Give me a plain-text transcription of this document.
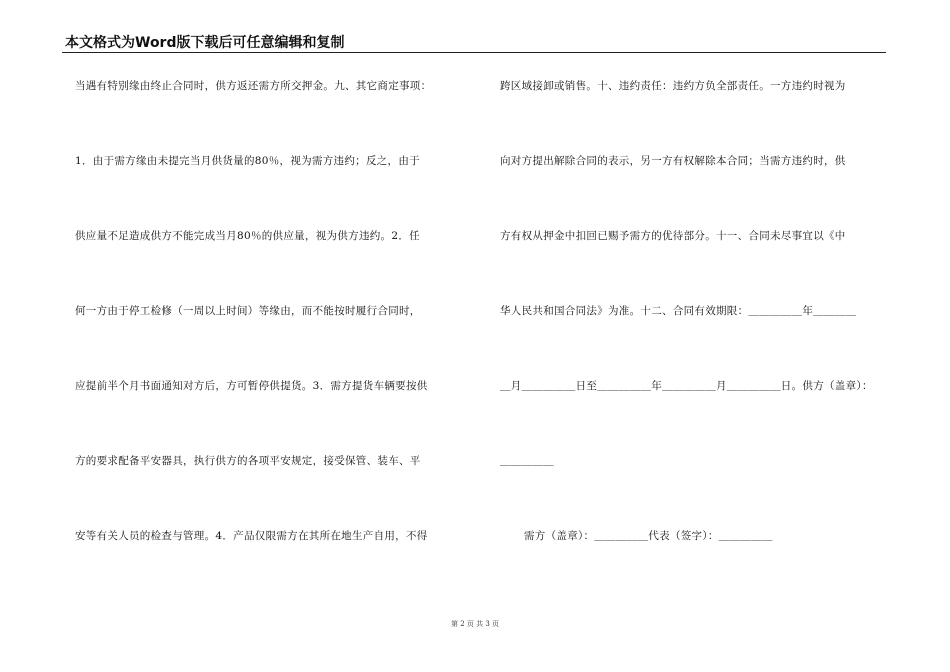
本文格式为Word版下载后可任意编辑和复制
当遇有特别缘由终止合同时，供方返还需方所交押金。九、其它商定事项：
1．由于需方缘由未提完当月供货量的80％，视为需方违约；反之，由于
供应量不足造成供方不能完成当月80％的供应量，视为供方违约。2．任
何一方由于停工检修（一周以上时间）等缘由，而不能按时履行合同时，
应提前半个月书面通知对方后，方可暂停供提货。3．需方提货车辆要按供
方的要求配备平安器具，执行供方的各项平安规定，接受保管、装车、平
安等有关人员的检查与管理。4．产品仅限需方在其所在地生产自用，不得
跨区域接卸或销售。十、违约责任：违约方负全部责任。一方违约时视为
向对方提出解除合同的表示，另一方有权解除本合同；当需方违约时，供
方有权从押金中扣回已赐予需方的优待部分。十一、合同未尽事宜以《中
华人民共和国合同法》为准。十二、合同有效期限：＿＿＿＿＿年＿＿＿＿
＿月＿＿＿＿＿日至＿＿＿＿＿年＿＿＿＿＿月＿＿＿＿＿日。供方（盖章）：
＿＿＿＿＿
需方（盖章）：＿＿＿＿＿代表（签字）：＿＿＿＿＿
第 2 页 共 3 页
